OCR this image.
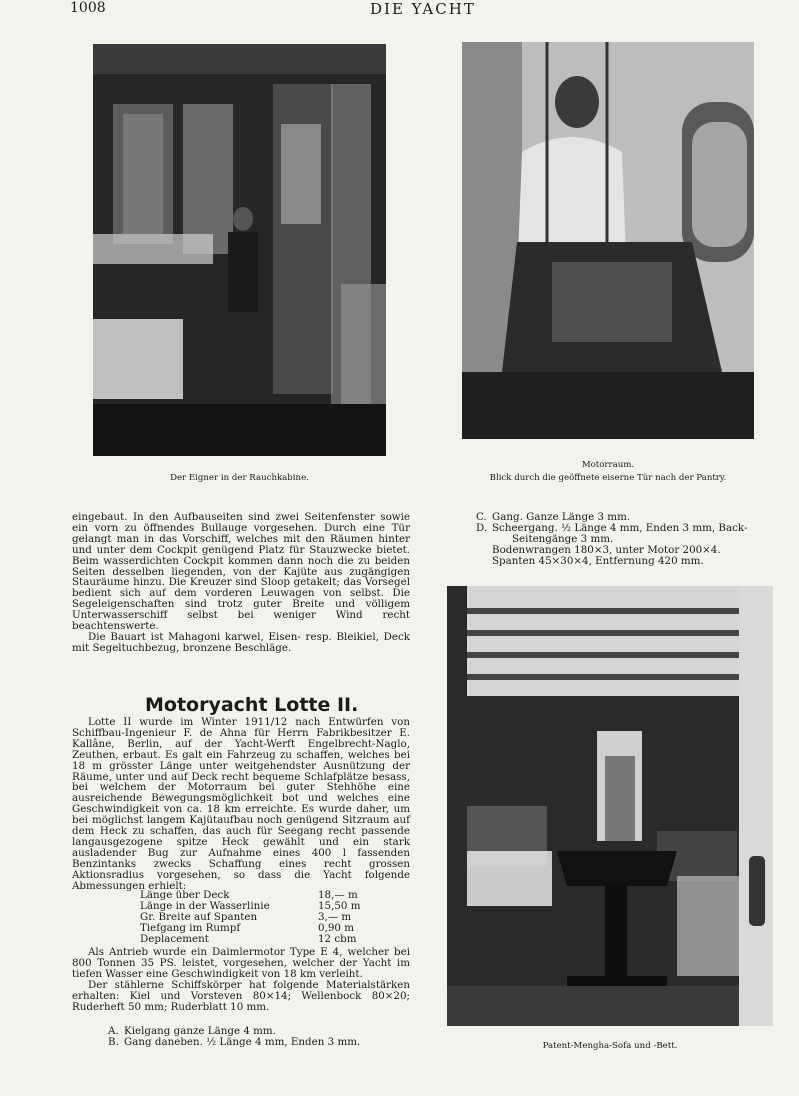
1008	DIE YACHT
Der Eigner in der Rauchkabine.
Motorraum.
Blick durch die geöffnete eiserne Tür nach der Pantry.

eingebaut. In den Aufbauseiten sind zwei Seitenfenster sowie ein vorn zu öffnendes Bullauge vorgesehen. Durch eine Tür gelangt man in das Vorschiff, welches mit den Räumen hinter und unter dem Cockpit genügend Platz für Stauzwecke bietet. Beim wasserdichten Cockpit kommen dann noch die zu beiden Seiten desselben liegenden, von der Kajüte aus zugängigen Stauräume hinzu. Die Kreuzer sind Sloop getakelt; das Vorsegel bedient sich auf dem vorderen Leuwagen von selbst. Die Segeleigenschaften sind trotz guter Breite und völligem Unterwasserschiff selbst bei weniger Wind recht beachtenswerte.

Die Bauart ist Mahagoni karwel, Eisen- resp. Bleikiel, Deck mit Segeltuchbezug, bronzene Beschläge.

Motoryacht Lotte II.

Lotte II wurde im Winter 1911/12 nach Entwürfen von Schiffbau-Ingenieur F. de Ahna für Herrn Fabrikbesitzer E. Kallâne, Berlin, auf der Yacht-Werft Engelbrecht-Naglo, Zeuthen, erbaut. Es galt ein Fahrzeug zu schaffen, welches bei 18 m grösster Länge unter weitgehendster Ausnützung der Räume, unter und auf Deck recht bequeme Schlafplätze besass, bei welchem der Motorraum bei guter Stehhöhe eine ausreichende Bewegungsmöglichkeit bot und welches eine Geschwindigkeit von ca. 18 km erreichte. Es wurde daher, um bei möglichst langem Kajütaufbau noch genügend Sitzraum auf dem Heck zu schaffen, das auch für Seegang recht passende langausgezogene spitze Heck gewählt und ein stark ausladender Bug zur Aufnahme eines 400 l fassenden Benzintanks zwecks Schaffung eines recht grossen Aktionsradius vorgesehen, so dass die Yacht folgende Abmessungen erhielt:

Länge über Deck	18,— m
Länge in der Wasserlinie	15,50 m
Gr. Breite auf Spanten	3,— m
Tiefgang im Rumpf	0,90 m
Deplacement	12 cbm

Als Antrieb wurde ein Daimlermotor Type E 4, welcher bei 800 Tonnen 35 PS. leistet, vorgesehen, welcher der Yacht im tiefen Wasser eine Geschwindigkeit von 18 km verleiht.

Der stählerne Schiffskörper hat folgende Materialstärken erhalten: Kiel und Vorsteven 80×14; Wellenbock 80×20; Ruderheft 50 mm; Ruderblatt 10 mm.

A. Kielgang ganze Länge 4 mm.
B. Gang daneben. ½ Länge 4 mm, Enden 3 mm.
C. Gang. Ganze Länge 3 mm.
D. Scheergang. ½ Länge 4 mm, Enden 3 mm, Back-
Seitengänge 3 mm.
Bodenwrangen 180×3, unter Motor 200×4.
Spanten 45×30×4, Entfernung 420 mm.
Patent-Mengha-Sofa und -Bett.
